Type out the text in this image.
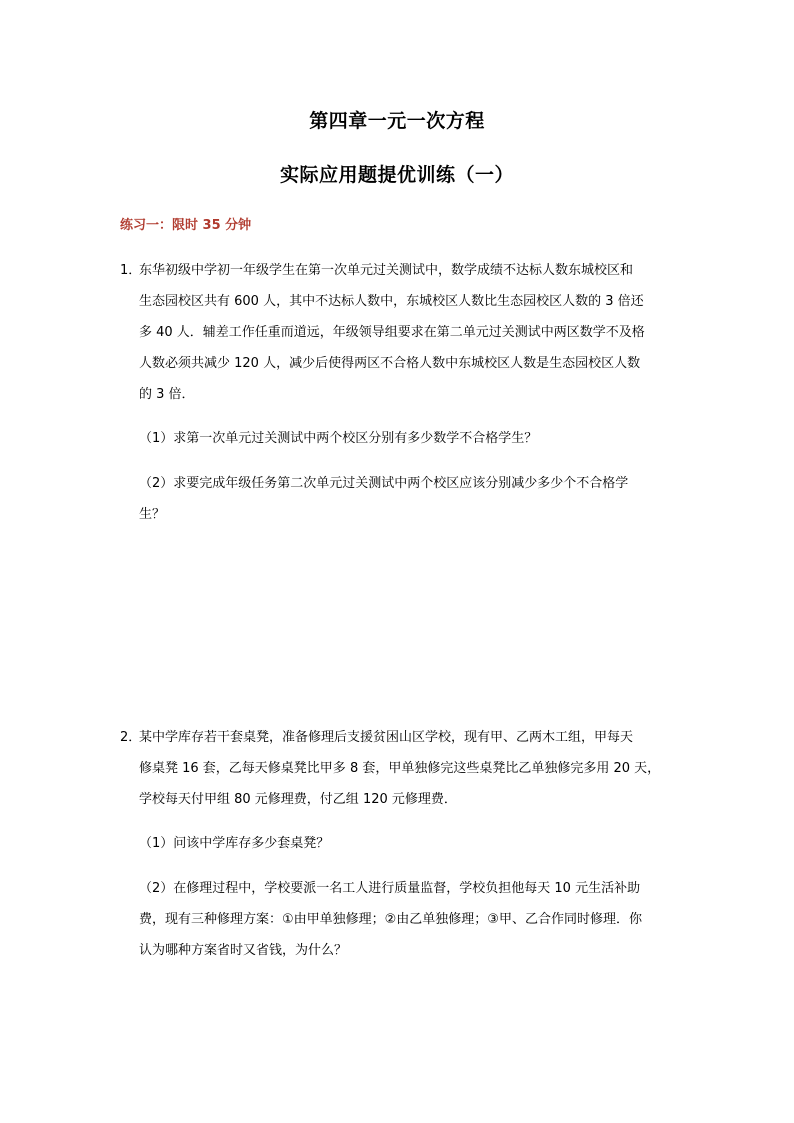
第四章一元一次方程
实际应用题提优训练（一）
练习一：限时 35 分钟
1．
东华初级中学初一年级学生在第一次单元过关测试中，数学成绩不达标人数东城校区和
生态园校区共有 600 人，其中不达标人数中，东城校区人数比生态园校区人数的 3 倍还
多 40 人．辅差工作任重而道远，年级领导组要求在第二单元过关测试中两区数学不及格
人数必须共减少 120 人，减少后使得两区不合格人数中东城校区人数是生态园校区人数
的 3 倍．
（1）求第一次单元过关测试中两个校区分别有多少数学不合格学生？
（2）求要完成年级任务第二次单元过关测试中两个校区应该分别减少多少个不合格学
生？
2．
某中学库存若干套桌凳，准备修理后支援贫困山区学校，现有甲、乙两木工组，甲每天
修桌凳 16 套，乙每天修桌凳比甲多 8 套，甲单独修完这些桌凳比乙单独修完多用 20 天，
学校每天付甲组 80 元修理费，付乙组 120 元修理费．
（1）问该中学库存多少套桌凳？
（2）在修理过程中，学校要派一名工人进行质量监督，学校负担他每天 10 元生活补助
费，现有三种修理方案：①由甲单独修理；②由乙单独修理；③甲、乙合作同时修理．你
认为哪种方案省时又省钱，为什么？
